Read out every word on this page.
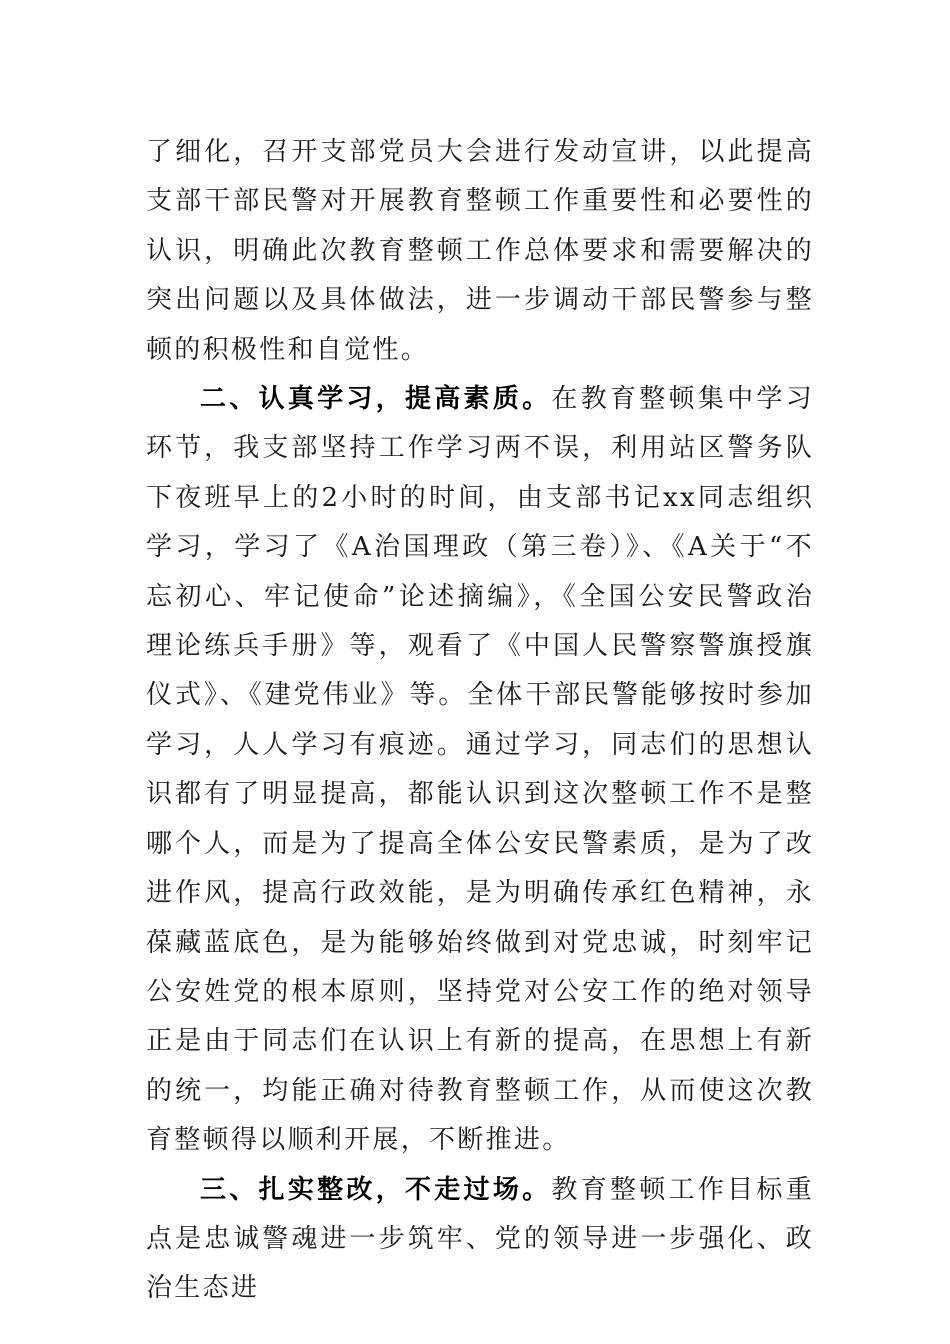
了细化，召开支部党员大会进行发动宣讲，以此提高支部干部民警对开展教育整顿工作重要性和必要性的认识，明确此次教育整顿工作总体要求和需要解决的突出问题以及具体做法，进一步调动干部民警参与整顿的积极性和自觉性。

二、认真学习，提高素质。在教育整顿集中学习环节，我支部坚持工作学习两不误，利用站区警务队下夜班早上的2小时的时间，由支部书记xx同志组织学习，学习了《A治国理政（第三卷）》、《A关于“不忘初心、牢记使命”论述摘编》，《全国公安民警政治理论练兵手册》等，观看了《中国人民警察警旗授旗仪式》、《建党伟业》等。全体干部民警能够按时参加学习，人人学习有痕迹。通过学习，同志们的思想认识都有了明显提高，都能认识到这次整顿工作不是整哪个人，而是为了提高全体公安民警素质，是为了改进作风，提高行政效能，是为明确传承红色精神，永葆藏蓝底色，是为能够始终做到对党忠诚，时刻牢记公安姓党的根本原则，坚持党对公安工作的绝对领导正是由于同志们在认识上有新的提高，在思想上有新的统一，均能正确对待教育整顿工作，从而使这次教育整顿得以顺利开展，不断推进。

三、扎实整改，不走过场。教育整顿工作目标重点是忠诚警魂进一步筑牢、党的领导进一步强化、政治生态进
